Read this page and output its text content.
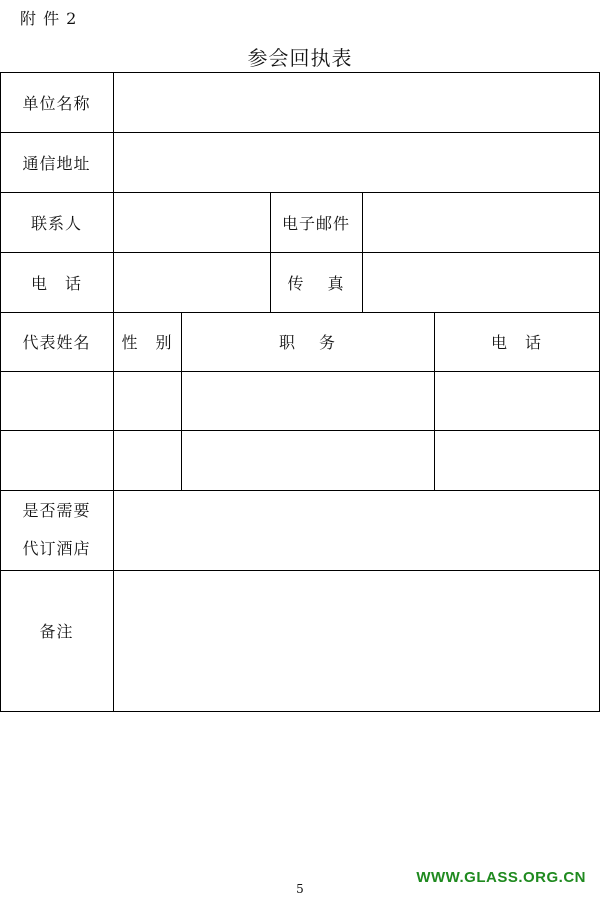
附 件 2
参会回执表
单位名称
通信地址
联系人	电子邮件
电　话	传　 真
代表姓名	性　别	职　 务	电　话
是否需要
代订酒店
备注
5
WWW.GLASS.ORG.CN
